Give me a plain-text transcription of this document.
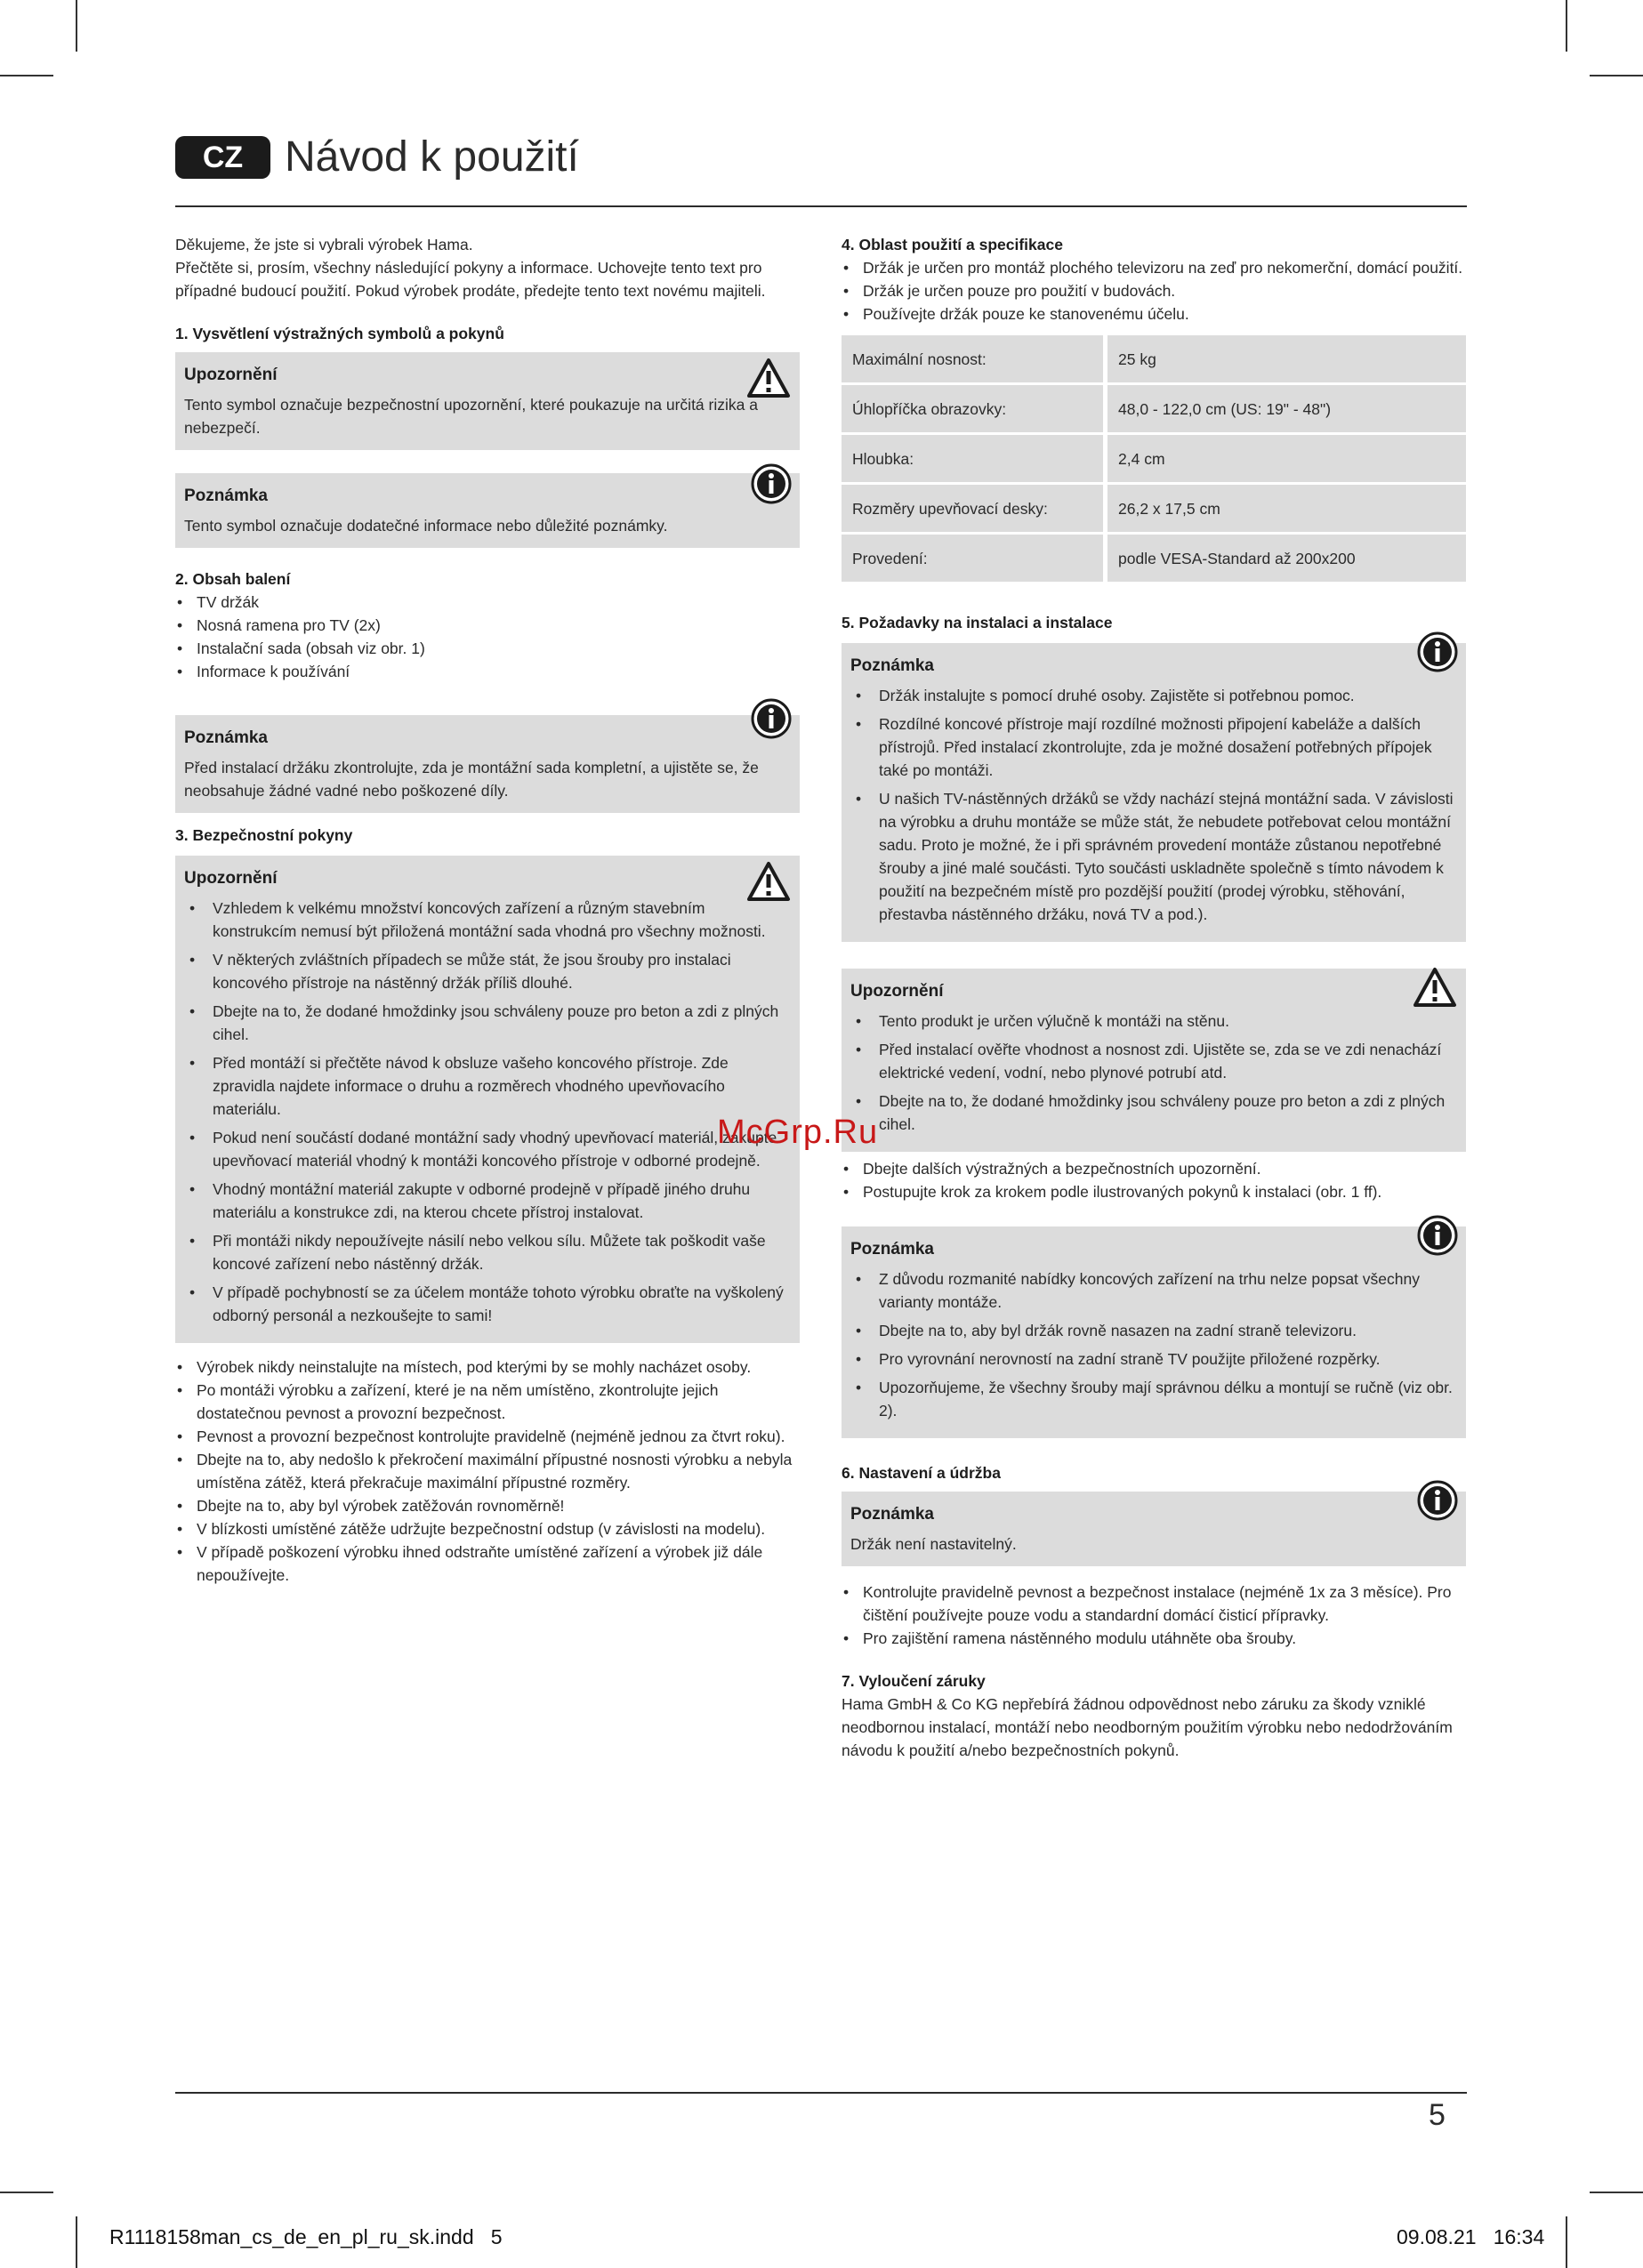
CZ Návod k použití

Děkujeme, že jste si vybrali výrobek Hama.

Přečtěte si, prosím, všechny následující pokyny a informace. Uchovejte tento text pro případné budoucí použití. Pokud výrobek prodáte, předejte tento text novému majiteli.

1. Vysvětlení výstražných symbolů a pokynů

Upozornění

Tento symbol označuje bezpečnostní upozornění, které poukazuje na určitá rizika a nebezpečí.

Poznámka

Tento symbol označuje dodatečné informace nebo důležité poznámky.

2. Obsah balení

• TV držák
• Nosná ramena pro TV (2x)
• Instalační sada (obsah viz obr. 1)
• Informace k používání
Poznámka

Před instalací držáku zkontrolujte, zda je montážní sada kompletní, a ujistěte se, že neobsahuje žádné vadné nebo poškozené díly.

3. Bezpečnostní pokyny

Upozornění
• Vzhledem k velkému množství koncových zařízení a různým stavebním konstrukcím nemusí být přiložená montážní sada vhodná pro všechny možnosti.
• V některých zvláštních případech se může stát, že jsou šrouby pro instalaci koncového přístroje na nástěnný držák příliš dlouhé.
• Dbejte na to, že dodané hmoždinky jsou schváleny pouze pro beton a zdi z plných cihel.
• Před montáží si přečtěte návod k obsluze vašeho koncového přístroje. Zde zpravidla najdete informace o druhu a rozměrech vhodného upevňovacího materiálu.
• Pokud není součástí dodané montážní sady vhodný upevňovací materiál, zakupte upevňovací materiál vhodný k montáži koncového přístroje v odborné prodejně.
• Vhodný montážní materiál zakupte v odborné prodejně v případě jiného druhu materiálu a konstrukce zdi, na kterou chcete přístroj instalovat.
• Při montáži nikdy nepoužívejte násilí nebo velkou sílu. Můžete tak poškodit vaše koncové zařízení nebo nástěnný držák.
• V případě pochybností se za účelem montáže tohoto výrobku obraťte na vyškolený odborný personál a nezkoušejte to sami!
• Výrobek nikdy neinstalujte na místech, pod kterými by se mohly nacházet osoby.
• Po montáži výrobku a zařízení, které je na něm umístěno, zkontrolujte jejich dostatečnou pevnost a provozní bezpečnost.
• Pevnost a provozní bezpečnost kontrolujte pravidelně (nejméně jednou za čtvrt roku).
• Dbejte na to, aby nedošlo k překročení maximální přípustné nosnosti výrobku a nebyla umístěna zátěž, která překračuje maximální přípustné rozměry.
• Dbejte na to, aby byl výrobek zatěžován rovnoměrně!
• V blízkosti umístěné zátěže udržujte bezpečnostní odstup (v závislosti na modelu).
• V případě poškození výrobku ihned odstraňte umístěné zařízení a výrobek již dále nepoužívejte.

4. Oblast použití a specifikace

• Držák je určen pro montáž plochého televizoru na zeď pro nekomerční, domácí použití.
• Držák je určen pouze pro použití v budovách.
• Používejte držák pouze ke stanovenému účelu.
Maximální nosnost:	25 kg
Úhlopříčka obrazovky:	48,0 - 122,0 cm (US: 19" - 48")
Hloubka:	2,4 cm
Rozměry upevňovací desky:	26,2 x 17,5 cm
Provedení:	podle VESA-Standard až 200x200

5. Požadavky na instalaci a instalace

Poznámka
• Držák instalujte s pomocí druhé osoby. Zajistěte si potřebnou pomoc.
• Rozdílné koncové přístroje mají rozdílné možnosti připojení kabeláže a dalších přístrojů. Před instalací zkontrolujte, zda je možné dosažení potřebných přípojek také po montáži.
• U našich TV-nástěnných držáků se vždy nachází stejná montážní sada. V závislosti na výrobku a druhu montáže se může stát, že nebudete potřebovat celou montážní sadu. Proto je možné, že i při správném provedení montáže zůstanou nepotřebné šrouby a jiné malé součásti. Tyto součásti uskladněte společně s tímto návodem k použití na bezpečném místě pro pozdější použití (prodej výrobku, stěhování, přestavba nástěnného držáku, nová TV a pod.).
Upozornění
• Tento produkt je určen výlučně k montáži na stěnu.
• Před instalací ověřte vhodnost a nosnost zdi. Ujistěte se, zda se ve zdi nenachází elektrické vedení, vodní, nebo plynové potrubí atd.
• Dbejte na to, že dodané hmoždinky jsou schváleny pouze pro beton a zdi z plných cihel.
• Dbejte dalších výstražných a bezpečnostních upozornění.
• Postupujte krok za krokem podle ilustrovaných pokynů k instalaci (obr. 1 ff).
Poznámka
• Z důvodu rozmanité nabídky koncových zařízení na trhu nelze popsat všechny varianty montáže.
• Dbejte na to, aby byl držák rovně nasazen na zadní straně televizoru.
• Pro vyrovnání nerovností na zadní straně TV použijte přiložené rozpěrky.
• Upozorňujeme, že všechny šrouby mají správnou délku a montují se ručně (viz obr. 2).

6. Nastavení a údržba

Poznámka

Držák není nastavitelný.

• Kontrolujte pravidelně pevnost a bezpečnost instalace (nejméně 1x za 3 měsíce). Pro čištění používejte pouze vodu a standardní domácí čisticí přípravky.
• Pro zajištění ramena nástěnného modulu utáhněte oba šrouby.

7. Vyloučení záruky

Hama GmbH & Co KG nepřebírá žádnou odpovědnost nebo záruku za škody vzniklé neodbornou instalací, montáží nebo neodborným použitím výrobku nebo nedodržováním návodu k použití a/nebo bezpečnostních pokynů.

McGrp.Ru
5
R1118158man_cs_de_en_pl_ru_sk.indd   5	09.08.21   16:34
